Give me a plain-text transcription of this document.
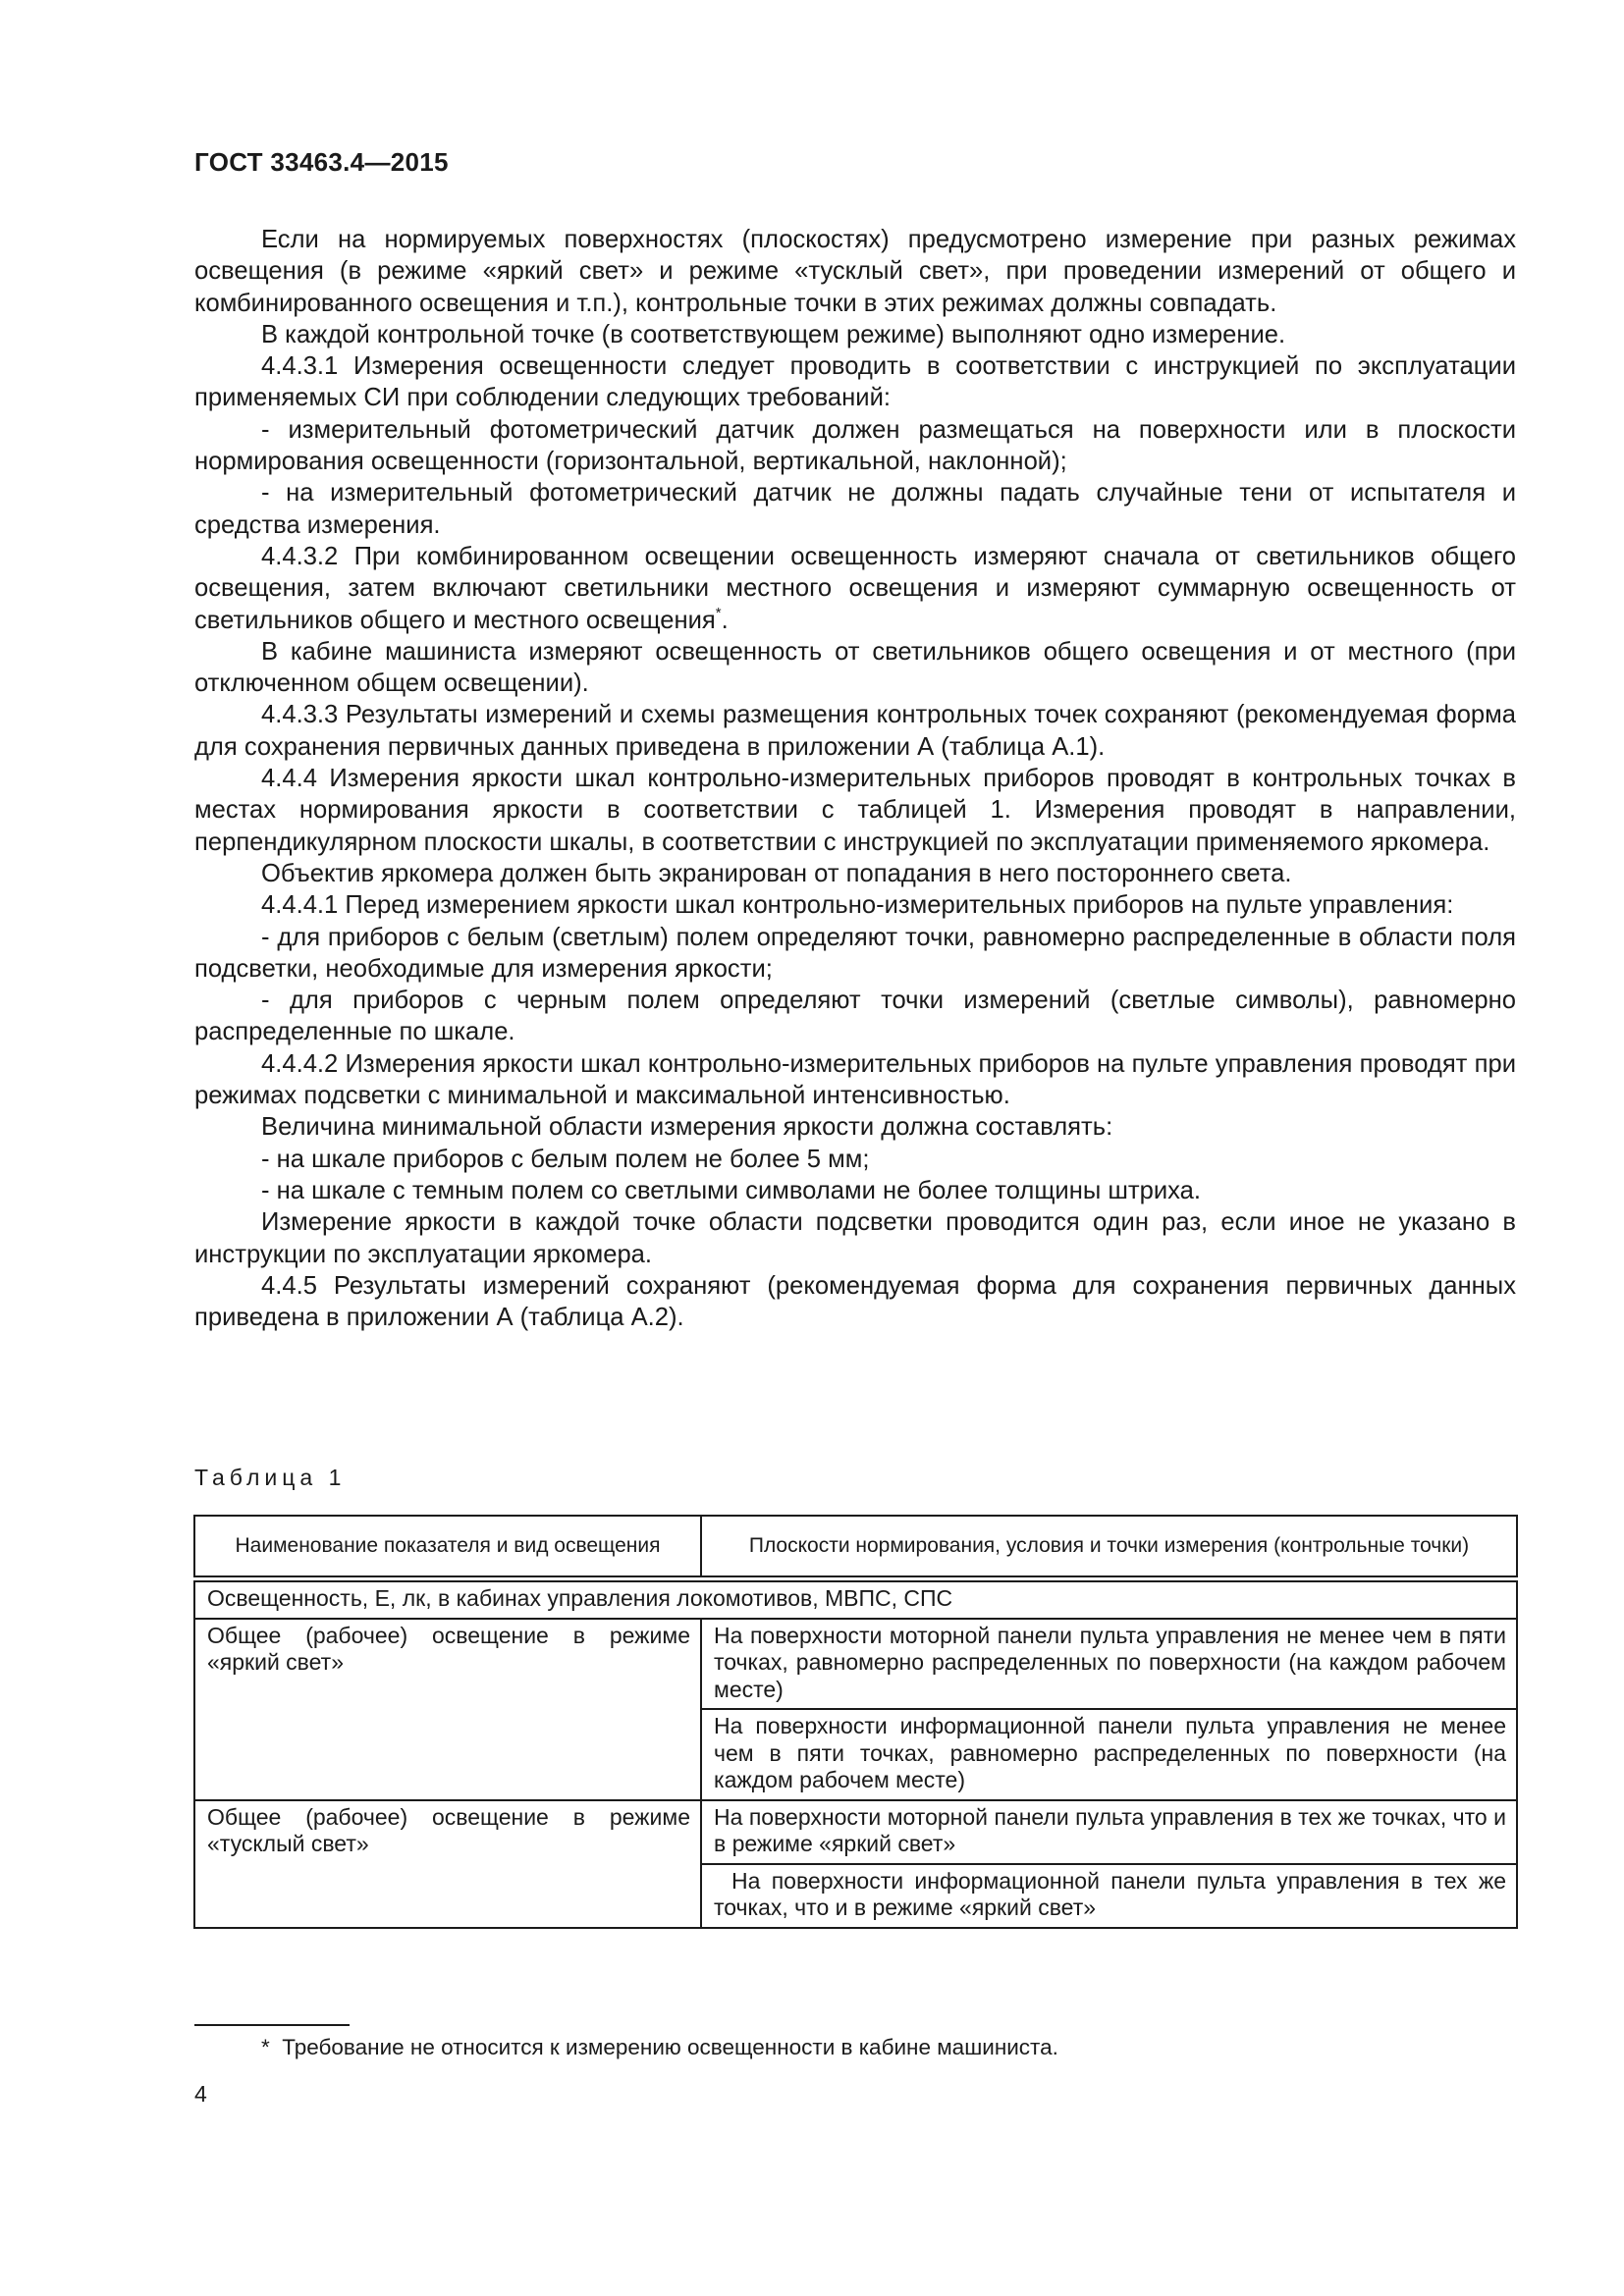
ГОСТ 33463.4—2015

Если на нормируемых поверхностях (плоскостях) предусмотрено измерение при разных режимах освещения (в режиме «яркий свет» и режиме «тусклый свет», при проведении измерений от общего и комбинированного освещения и т.п.), контрольные точки в этих режимах должны совпадать.

В каждой контрольной точке (в соответствующем режиме) выполняют одно измерение.

4.4.3.1 Измерения освещенности следует проводить в соответствии с инструкцией по эксплуатации применяемых СИ при соблюдении следующих требований:

- измерительный фотометрический датчик должен размещаться на поверхности или в плоскости нормирования освещенности (горизонтальной, вертикальной, наклонной);

- на измерительный фотометрический датчик не должны падать случайные тени от испытателя и средства измерения.

4.4.3.2 При комбинированном освещении освещенность измеряют сначала от светильников общего освещения, затем включают светильники местного освещения и измеряют суммарную освещенность от светильников общего и местного освещения*.

В кабине машиниста измеряют освещенность от светильников общего освещения и от местного (при отключенном общем освещении).

4.4.3.3 Результаты измерений и схемы размещения контрольных точек сохраняют (рекомендуемая форма для сохранения первичных данных приведена в приложении А (таблица А.1).

4.4.4 Измерения яркости шкал контрольно-измерительных приборов проводят в контрольных точках в местах нормирования яркости в соответствии с таблицей 1. Измерения проводят в направлении, перпендикулярном плоскости шкалы, в соответствии с инструкцией по эксплуатации применяемого яркомера.

Объектив яркомера должен быть экранирован от попадания в него постороннего света.

4.4.4.1 Перед измерением яркости шкал контрольно-измерительных приборов на пульте управления:

- для приборов с белым (светлым) полем определяют точки, равномерно распределенные в области поля подсветки, необходимые для измерения яркости;

- для приборов с черным полем определяют точки измерений (светлые символы), равномерно распределенные по шкале.

4.4.4.2 Измерения яркости шкал контрольно-измерительных приборов на пульте управления проводят при режимах подсветки с минимальной и максимальной интенсивностью.

Величина минимальной области измерения яркости должна составлять:

- на шкале приборов с белым полем не более 5 мм;

- на шкале с темным полем со светлыми символами не более толщины штриха.

Измерение яркости в каждой точке области подсветки проводится один раз, если иное не указано в инструкции по эксплуатации яркомера.

4.4.5 Результаты измерений сохраняют (рекомендуемая форма для сохранения первичных данных приведена в приложении А (таблица А.2).

Таблица 1
Наименование показателя и вид освещения	Плоскости нормирования, условия и точки измерения (контрольные точки)
Освещенность, Е, лк, в кабинах управления локомотивов, МВПС, СПС	
Общее (рабочее) освещение в режиме «яркий свет»	На поверхности моторной панели пульта управления не менее чем в пяти точках, равномерно распределенных по поверхности (на каждом рабочем месте)
	На поверхности информационной панели пульта управления не менее чем в пяти точках, равномерно распределенных по поверхности (на каждом рабочем месте)
Общее (рабочее) освещение в режиме «тусклый свет»	На поверхности моторной панели пульта управления в тех же точках, что и в режиме «яркий свет»
	На поверхности информационной панели пульта управления в тех же точках, что и в режиме «яркий свет»
* Требование не относится к измерению освещенности в кабине машиниста.
4
